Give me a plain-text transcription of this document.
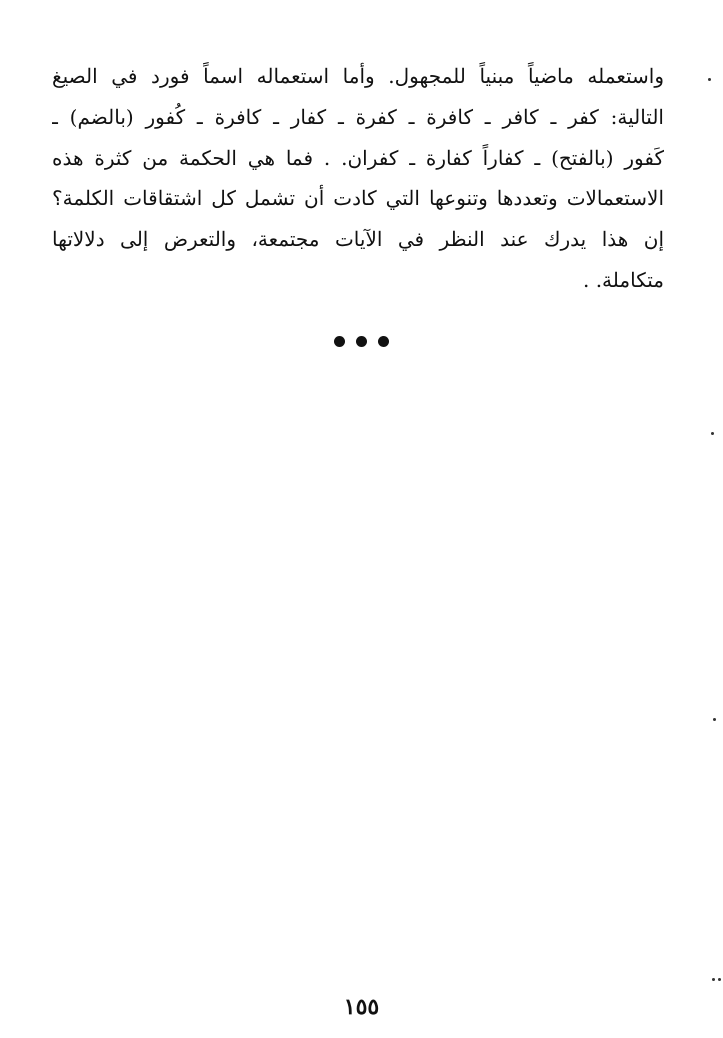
واستعمله ماضياً مبنياً للمجهول. وأما استعماله اسماً فورد في الصيغ
التالية: كفر ـ كافر ـ كافرة ـ كفرة ـ كفار ـ كافرة ـ كُفور (بالضم) ـ
كَفور (بالفتح) ـ كفاراً كفارة ـ كفران. . فما هي الحكمة من كثرة هذه
الاستعمالات وتعددها وتنوعها التي كادت أن تشمل كل اشتقاقات الكلمة؟
إن هذا يدرك عند النظر في الآيات مجتمعة، والتعرض إلى دلالاتها
متكاملة. .
١٥٥
